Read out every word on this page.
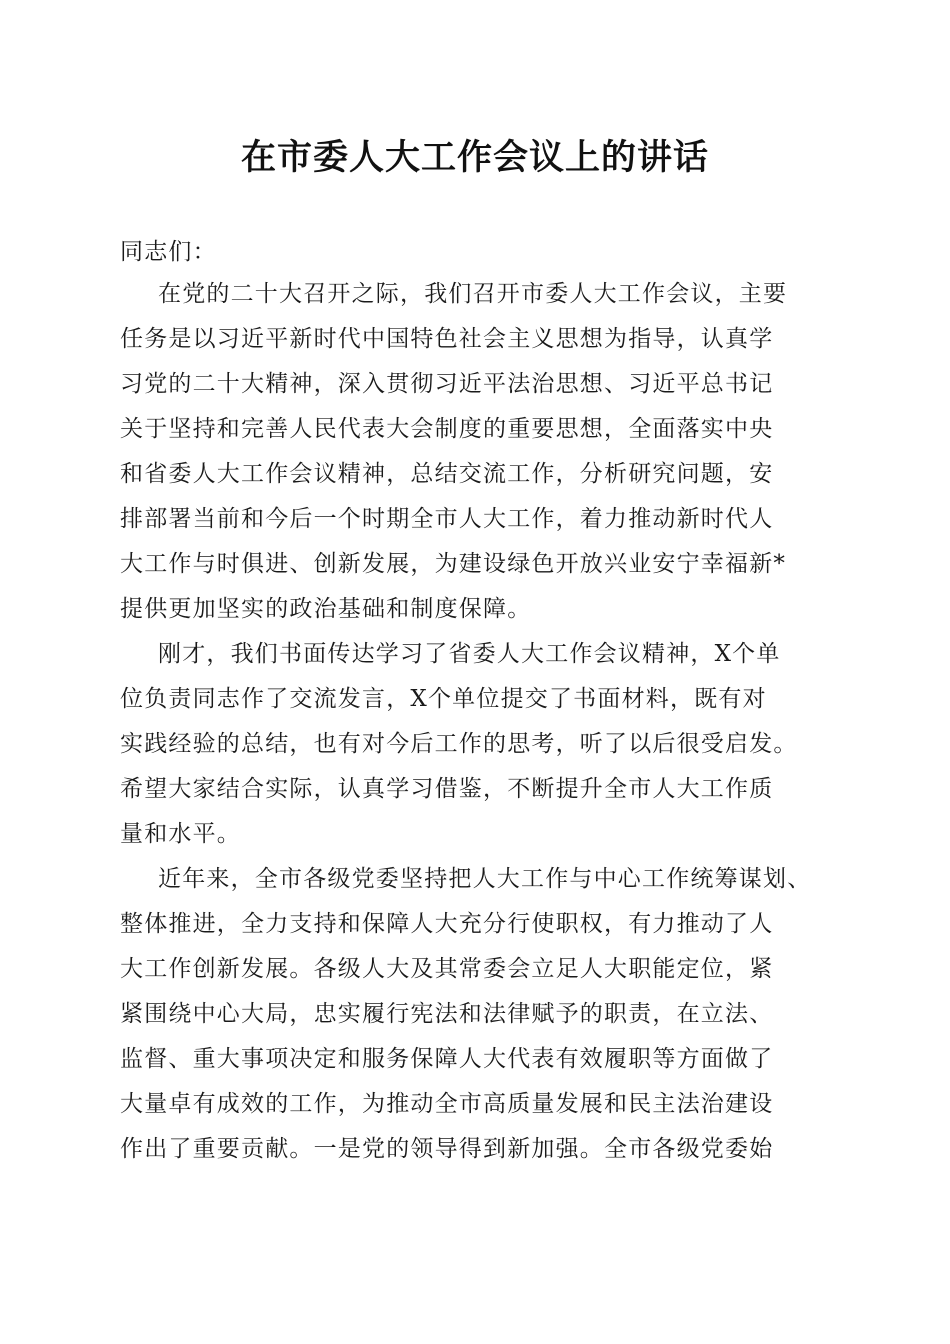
在市委人大工作会议上的讲话
同志们：
在党的二十大召开之际，我们召开市委人大工作会议，主要
任务是以习近平新时代中国特色社会主义思想为指导，认真学
习党的二十大精神，深入贯彻习近平法治思想、习近平总书记
关于坚持和完善人民代表大会制度的重要思想，全面落实中央
和省委人大工作会议精神，总结交流工作，分析研究问题，安
排部署当前和今后一个时期全市人大工作，着力推动新时代人
大工作与时俱进、创新发展，为建设绿色开放兴业安宁幸福新*
提供更加坚实的政治基础和制度保障。
刚才，我们书面传达学习了省委人大工作会议精神，X个单
位负责同志作了交流发言，X个单位提交了书面材料，既有对
实践经验的总结，也有对今后工作的思考，听了以后很受启发。
希望大家结合实际，认真学习借鉴，不断提升全市人大工作质
量和水平。
近年来，全市各级党委坚持把人大工作与中心工作统筹谋划、
整体推进，全力支持和保障人大充分行使职权，有力推动了人
大工作创新发展。各级人大及其常委会立足人大职能定位，紧
紧围绕中心大局，忠实履行宪法和法律赋予的职责，在立法、
监督、重大事项决定和服务保障人大代表有效履职等方面做了
大量卓有成效的工作，为推动全市高质量发展和民主法治建设
作出了重要贡献。一是党的领导得到新加强。全市各级党委始
